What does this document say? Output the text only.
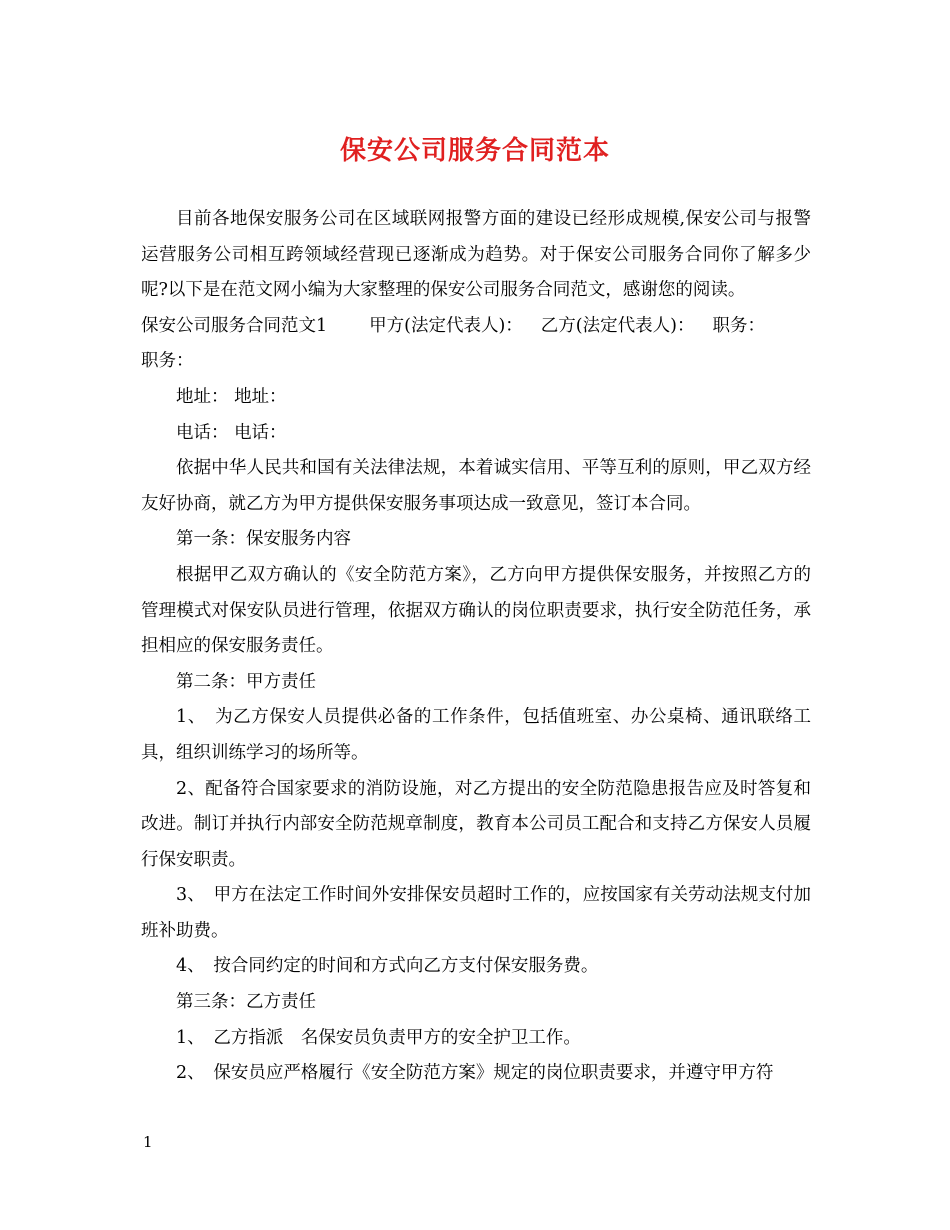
保安公司服务合同范本

目前各地保安服务公司在区域联网报警方面的建设已经形成规模,保安公司与报警运营服务公司相互跨领域经营现已逐渐成为趋势。对于保安公司服务合同你了解多少呢?以下是在范文网小编为大家整理的保安公司服务合同范文，感谢您的阅读。

保安公司服务合同范文1 甲方(法定代表人)： 乙方(法定代表人)： 职务：
职务：

地址： 地址：

电话： 电话：

依据中华人民共和国有关法律法规，本着诚实信用、平等互利的原则，甲乙双方经友好协商，就乙方为甲方提供保安服务事项达成一致意见，签订本合同。

第一条：保安服务内容

根据甲乙双方确认的《安全防范方案》，乙方向甲方提供保安服务，并按照乙方的管理模式对保安队员进行管理，依据双方确认的岗位职责要求，执行安全防范任务，承担相应的保安服务责任。

第二条：甲方责任

1、　为乙方保安人员提供必备的工作条件，包括值班室、办公桌椅、通讯联络工具，组织训练学习的场所等。

2、配备符合国家要求的消防设施，对乙方提出的安全防范隐患报告应及时答复和改进。制订并执行内部安全防范规章制度，教育本公司员工配合和支持乙方保安人员履行保安职责。

3、　甲方在法定工作时间外安排保安员超时工作的，应按国家有关劳动法规支付加班补助费。

4、　按合同约定的时间和方式向乙方支付保安服务费。

第三条：乙方责任

1、　乙方指派　名保安员负责甲方的安全护卫工作。

2、　保安员应严格履行《安全防范方案》规定的岗位职责要求，并遵守甲方符

1
